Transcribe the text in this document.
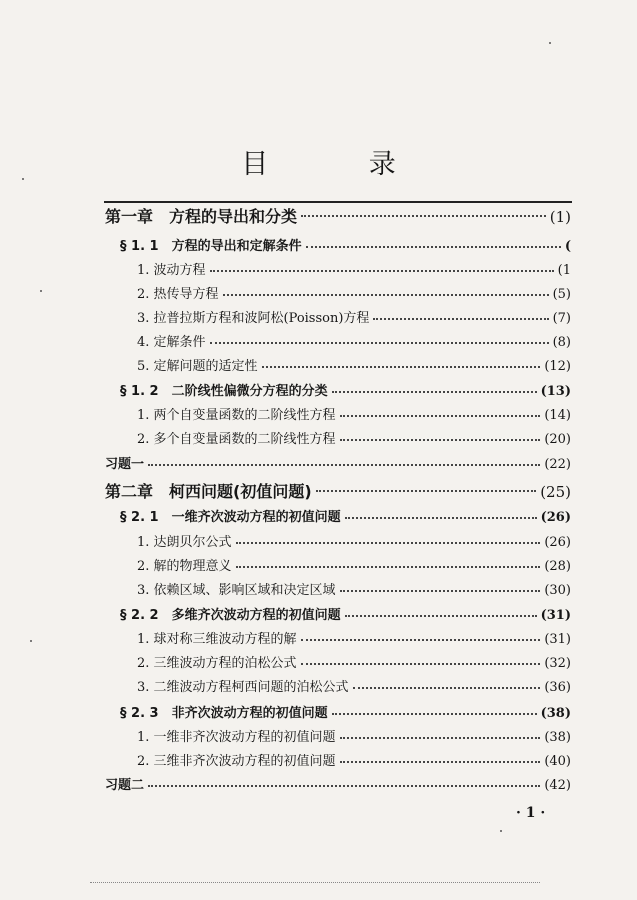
目 录
第一章　方程的导出和分类	(1)
§ 1. 1　方程的导出和定解条件	(
1. 波动方程	(1
2. 热传导方程	(5)
3. 拉普拉斯方程和波阿松(Poisson)方程	(7)
4. 定解条件	(8)
5. 定解问题的适定性	(12)
§ 1. 2　二阶线性偏微分方程的分类	(13)
1. 两个自变量函数的二阶线性方程	(14)
2. 多个自变量函数的二阶线性方程	(20)
习题一	(22)
第二章　柯西问题(初值问题)	(25)
§ 2. 1　一维齐次波动方程的初值问题	(26)
1. 达朗贝尔公式	(26)
2. 解的物理意义	(28)
3. 依赖区域、影响区域和决定区域	(30)
§ 2. 2　多维齐次波动方程的初值问题	(31)
1. 球对称三维波动方程的解	(31)
2. 三维波动方程的泊松公式	(32)
3. 二维波动方程柯西问题的泊松公式	(36)
§ 2. 3　非齐次波动方程的初值问题	(38)
1. 一维非齐次波动方程的初值问题	(38)
2. 三维非齐次波动方程的初值问题	(40)
习题二	(42)
· 1 ·
